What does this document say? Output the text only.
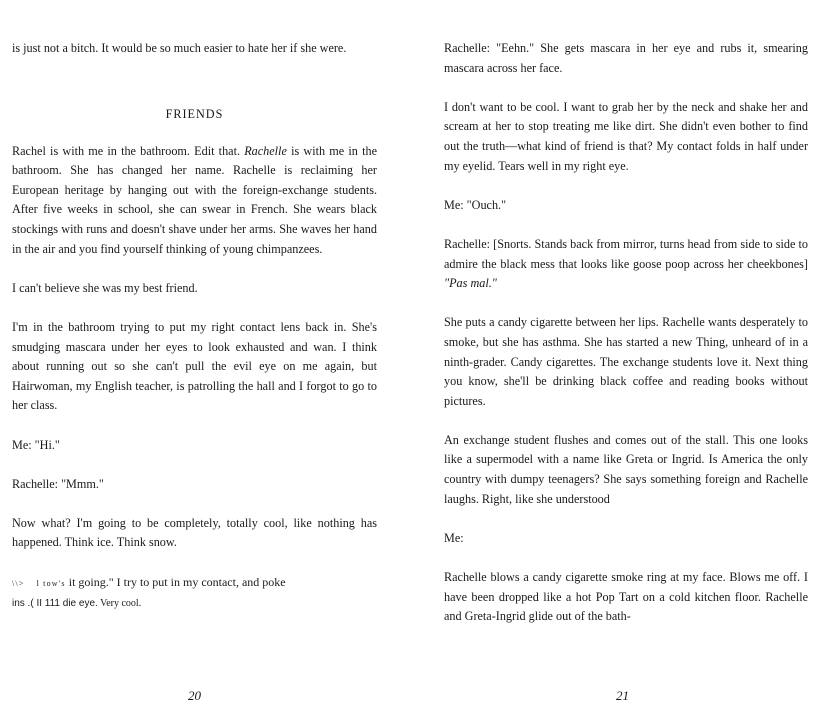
is just not a bitch. It would be so much easier to hate her if she were.

FRIENDS

Rachel is with me in the bathroom. Edit that. Rachelle is with me in the bathroom. She has changed her name. Rachelle is reclaiming her European heritage by hanging out with the foreign-exchange students. After five weeks in school, she can swear in French. She wears black stockings with runs and doesn't shave under her arms. She waves her hand in the air and you find yourself thinking of young chimpanzees.

I can't believe she was my best friend.

I'm in the bathroom trying to put my right contact lens back in. She's smudging mascara under her eyes to look exhausted and wan. I think about running out so she can't pull the evil eye on me again, but Hairwoman, my English teacher, is patrolling the hall and I forgot to go to her class.

Me: "Hi."

Rachelle: "Mmm."

Now what? I'm going to be completely, totally cool, like nothing has happened. Think ice. Think snow.

\\> l tow's it going." I try to put in my contact, and poke
ins .( II 111 die eye. Very cool.

20

Rachelle: "Eehn." She gets mascara in her eye and rubs it, smearing mascara across her face.

I don't want to be cool. I want to grab her by the neck and shake her and scream at her to stop treating me like dirt. She didn't even bother to find out the truth—what kind of friend is that? My contact folds in half under my eyelid. Tears well in my right eye.

Me: "Ouch."

Rachelle: [Snorts. Stands back from mirror, turns head from side to side to admire the black mess that looks like goose poop across her cheekbones] "Pas mal."

She puts a candy cigarette between her lips. Rachelle wants desperately to smoke, but she has asthma. She has started a new Thing, unheard of in a ninth-grader. Candy cigarettes. The exchange students love it. Next thing you know, she'll be drinking black coffee and reading books without pictures.

An exchange student flushes and comes out of the stall. This one looks like a supermodel with a name like Greta or Ingrid. Is America the only country with dumpy teenagers? She says something foreign and Rachelle laughs. Right, like she understood

Me:

Rachelle blows a candy cigarette smoke ring at my face. Blows me off. I have been dropped like a hot Pop Tart on a cold kitchen floor. Rachelle and Greta-Ingrid glide out of the bath-

21
